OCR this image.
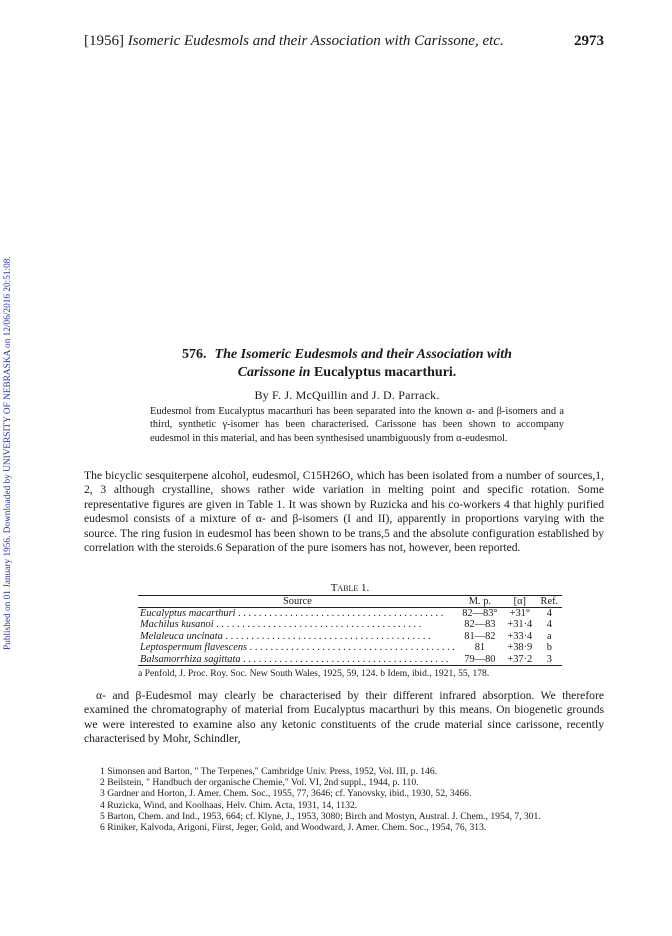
Published on 01 January 1956. Downloaded by UNIVERSITY OF NEBRASKA on 12/06/2016 20:51:08.
[1956] Isomeric Eudesmols and their Association with Carissone, etc.	2973

576. The Isomeric Eudesmols and their Association with
Carissone in Eucalyptus macarthuri.

By F. J. McQuillin and J. D. Parrack.

Eudesmol from Eucalyptus macarthuri has been separated into the known α- and β-isomers and a third, synthetic γ-isomer has been characterised. Carissone has been shown to accompany eudesmol in this material, and has been synthesised unambiguously from α-eudesmol.

The bicyclic sesquiterpene alcohol, eudesmol, C15H26O, which has been isolated from a number of sources,1, 2, 3 although crystalline, shows rather wide variation in melting point and specific rotation. Some representative figures are given in Table 1. It was shown by Ruzicka and his co-workers 4 that highly purified eudesmol consists of a mixture of α- and β-isomers (I and II), apparently in proportions varying with the source. The ring fusion in eudesmol has been shown to be trans,5 and the absolute configuration established by correlation with the steroids.6 Separation of the pure isomers has not, however, been reported.

Table 1.
Source	M. p.	[α]	Ref.
Eucalyptus macarthuri . . .	82—83°	+31°	4
Machilus kusanoi . . .	82—83	+31·4	4
Melaleuca uncinata . . .	81—82	+33·4	a
Leptospermum flavescens . . .	81	+38·9	b
Balsamorrhiza sagittata . . .	79—80	+37·2	3
a Penfold, J. Proc. Roy. Soc. New South Wales, 1925, 59, 124. b Idem, ibid., 1921, 55, 178.

α- and β-Eudesmol may clearly be characterised by their different infrared absorption. We therefore examined the chromatography of material from Eucalyptus macarthuri by this means. On biogenetic grounds we were interested to examine also any ketonic constituents of the crude material since carissone, recently characterised by Mohr, Schindler,

1 Simonsen and Barton, " The Terpenes," Cambridge Univ. Press, 1952, Vol. III, p. 146.
2 Beilstein, " Handbuch der organische Chemie," Vol. VI, 2nd suppl., 1944, p. 110.
3 Gardner and Horton, J. Amer. Chem. Soc., 1955, 77, 3646; cf. Yanovsky, ibid., 1930, 52, 3466.
4 Ruzicka, Wind, and Koolhaas, Helv. Chim. Acta, 1931, 14, 1132.
5 Barton, Chem. and Ind., 1953, 664; cf. Klyne, J., 1953, 3080; Birch and Mostyn, Austral. J. Chem., 1954, 7, 301.
6 Riniker, Kalvoda, Arigoni, Fürst, Jeger, Gold, and Woodward, J. Amer. Chem. Soc., 1954, 76, 313.
